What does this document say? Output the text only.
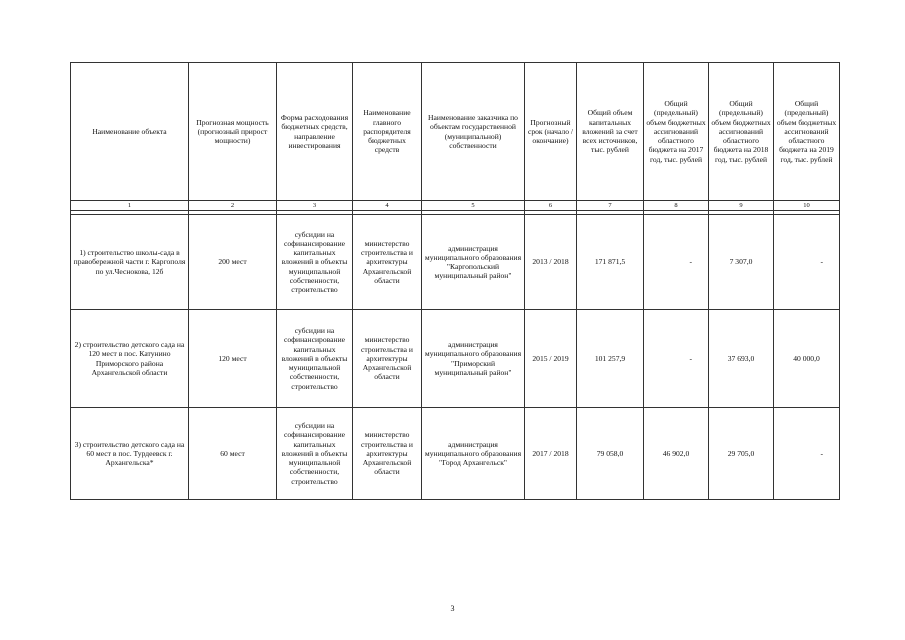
Наименование объекта	Прогнозная мощность (прогнозный прирост мощности)	Форма расходования бюджетных средств, направление инвестирования	Наименование главного распорядителя бюджетных средств	Наименование заказчика по объектам государственной (муниципальной) собственности	Прогнозный срок (начало / окончание)	Общий объем капитальных вложений за счет всех источников, тыс. рублей	Общий (предельный) объем бюджетных ассигнований областного бюджета на 2017 год, тыс. рублей	Общий (предельный) объем бюджетных ассигнований областного бюджета на 2018 год, тыс. рублей	Общий (предельный) объем бюджетных ассигнований областного бюджета на 2019 год, тыс. рублей
1	2	3	4	5	6	7	8	9	10

1) строительство школы-сада в правобережной части г. Каргополя по ул.Чеснокова, 12б	200 мест	субсидии на софинансирование капитальных вложений в объекты муниципальной собственности, строительство	министерство строительства и архитектуры Архангельской области	администрация муниципального образования "Каргопольский муниципальный район"	2013 / 2018	171 871,5	-	7 307,0	-
2) строительство детского сада на 120 мест в пос. Катунино Приморского района Архангельской области	120 мест	субсидии на софинансирование капитальных вложений в объекты муниципальной собственности, строительство	министерство строительства и архитектуры Архангельской области	администрация муниципального образования "Приморский муниципальный район"	2015 / 2019	101 257,9	-	37 693,0	40 000,0
3) строительство детского сада на 60 мест в пос. Турдеевск г. Архангельска*	60 мест	субсидии на софинансирование капитальных вложений в объекты муниципальной собственности, строительство	министерство строительства и архитектуры Архангельской области	администрация муниципального образования "Город Архангельск"	2017 / 2018	79 058,0	46 902,0	29 705,0	-
3
